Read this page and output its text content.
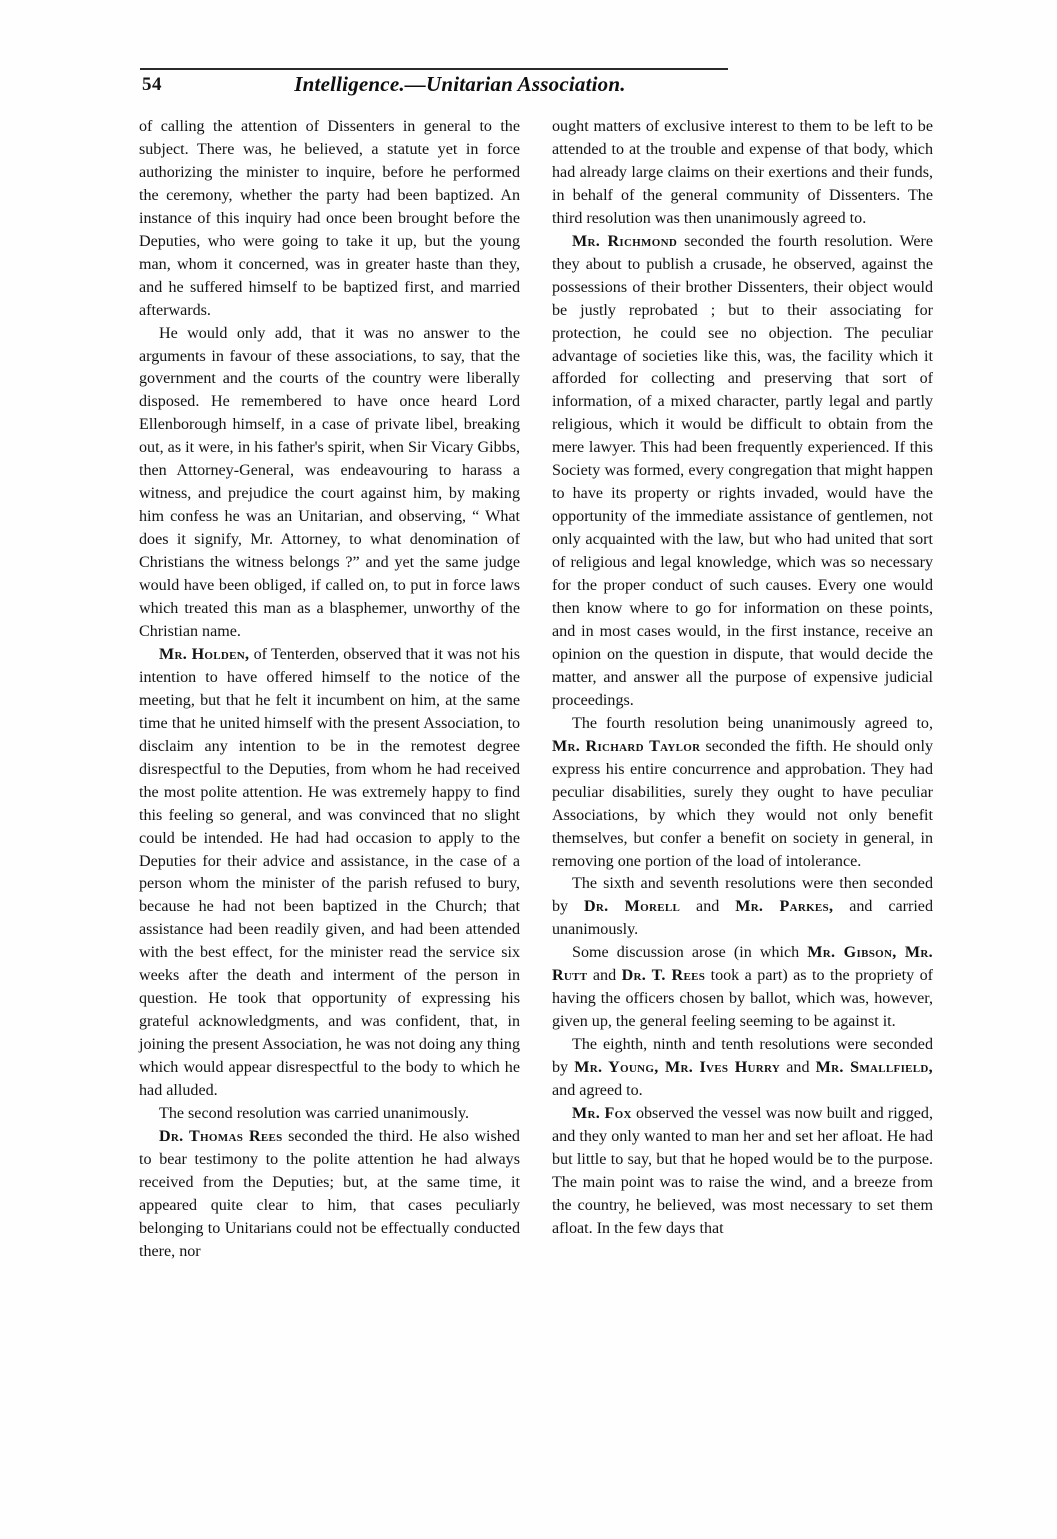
54	Intelligence.—Unitarian Association.

of calling the attention of Dissenters in general to the subject. There was, he believed, a statute yet in force authorizing the minister to inquire, before he performed the ceremony, whether the party had been baptized. An instance of this inquiry had once been brought before the Deputies, who were going to take it up, but the young man, whom it concerned, was in greater haste than they, and he suffered himself to be baptized first, and married afterwards.

He would only add, that it was no answer to the arguments in favour of these associations, to say, that the government and the courts of the country were liberally disposed. He remembered to have once heard Lord Ellenborough himself, in a case of private libel, breaking out, as it were, in his father's spirit, when Sir Vicary Gibbs, then Attorney-General, was endeavouring to harass a witness, and prejudice the court against him, by making him confess he was an Unitarian, and observing, “ What does it signify, Mr. Attorney, to what denomination of Christians the witness belongs ?” and yet the same judge would have been obliged, if called on, to put in force laws which treated this man as a blasphemer, unworthy of the Christian name.

Mr. Holden, of Tenterden, observed that it was not his intention to have offered himself to the notice of the meeting, but that he felt it incumbent on him, at the same time that he united himself with the present Association, to disclaim any intention to be in the remotest degree disrespectful to the Deputies, from whom he had received the most polite attention. He was extremely happy to find this feeling so general, and was convinced that no slight could be intended. He had had occasion to apply to the Deputies for their advice and assistance, in the case of a person whom the minister of the parish refused to bury, because he had not been baptized in the Church; that assistance had been readily given, and had been attended with the best effect, for the minister read the service six weeks after the death and interment of the person in question. He took that opportunity of expressing his grateful acknowledgments, and was confident, that, in joining the present Association, he was not doing any thing which would appear disrespectful to the body to which he had alluded.

The second resolution was carried unanimously.

Dr. Thomas Rees seconded the third. He also wished to bear testimony to the polite attention he had always received from the Deputies; but, at the same time, it appeared quite clear to him, that cases peculiarly belonging to Unitarians could not be effectually conducted there, nor

ought matters of exclusive interest to them to be left to be attended to at the trouble and expense of that body, which had already large claims on their exertions and their funds, in behalf of the general community of Dissenters. The third resolution was then unanimously agreed to.

Mr. Richmond seconded the fourth resolution. Were they about to publish a crusade, he observed, against the possessions of their brother Dissenters, their object would be justly reprobated ; but to their associating for protection, he could see no objection. The peculiar advantage of societies like this, was, the facility which it afforded for collecting and preserving that sort of information, of a mixed character, partly legal and partly religious, which it would be difficult to obtain from the mere lawyer. This had been frequently experienced. If this Society was formed, every congregation that might happen to have its property or rights invaded, would have the opportunity of the immediate assistance of gentlemen, not only acquainted with the law, but who had united that sort of religious and legal knowledge, which was so necessary for the proper conduct of such causes. Every one would then know where to go for information on these points, and in most cases would, in the first instance, receive an opinion on the question in dispute, that would decide the matter, and answer all the purpose of expensive judicial proceedings.

The fourth resolution being unanimously agreed to, Mr. Richard Taylor seconded the fifth. He should only express his entire concurrence and approbation. They had peculiar disabilities, surely they ought to have peculiar Associations, by which they would not only benefit themselves, but confer a benefit on society in general, in removing one portion of the load of intolerance.

The sixth and seventh resolutions were then seconded by Dr. Morell and Mr. Parkes, and carried unanimously.

Some discussion arose (in which Mr. Gibson, Mr. Rutt and Dr. T. Rees took a part) as to the propriety of having the officers chosen by ballot, which was, however, given up, the general feeling seeming to be against it.

The eighth, ninth and tenth resolutions were seconded by Mr. Young, Mr. Ives Hurry and Mr. Smallfield, and agreed to.

Mr. Fox observed the vessel was now built and rigged, and they only wanted to man her and set her afloat. He had but little to say, but that he hoped would be to the purpose. The main point was to raise the wind, and a breeze from the country, he believed, was most necessary to set them afloat. In the few days that
